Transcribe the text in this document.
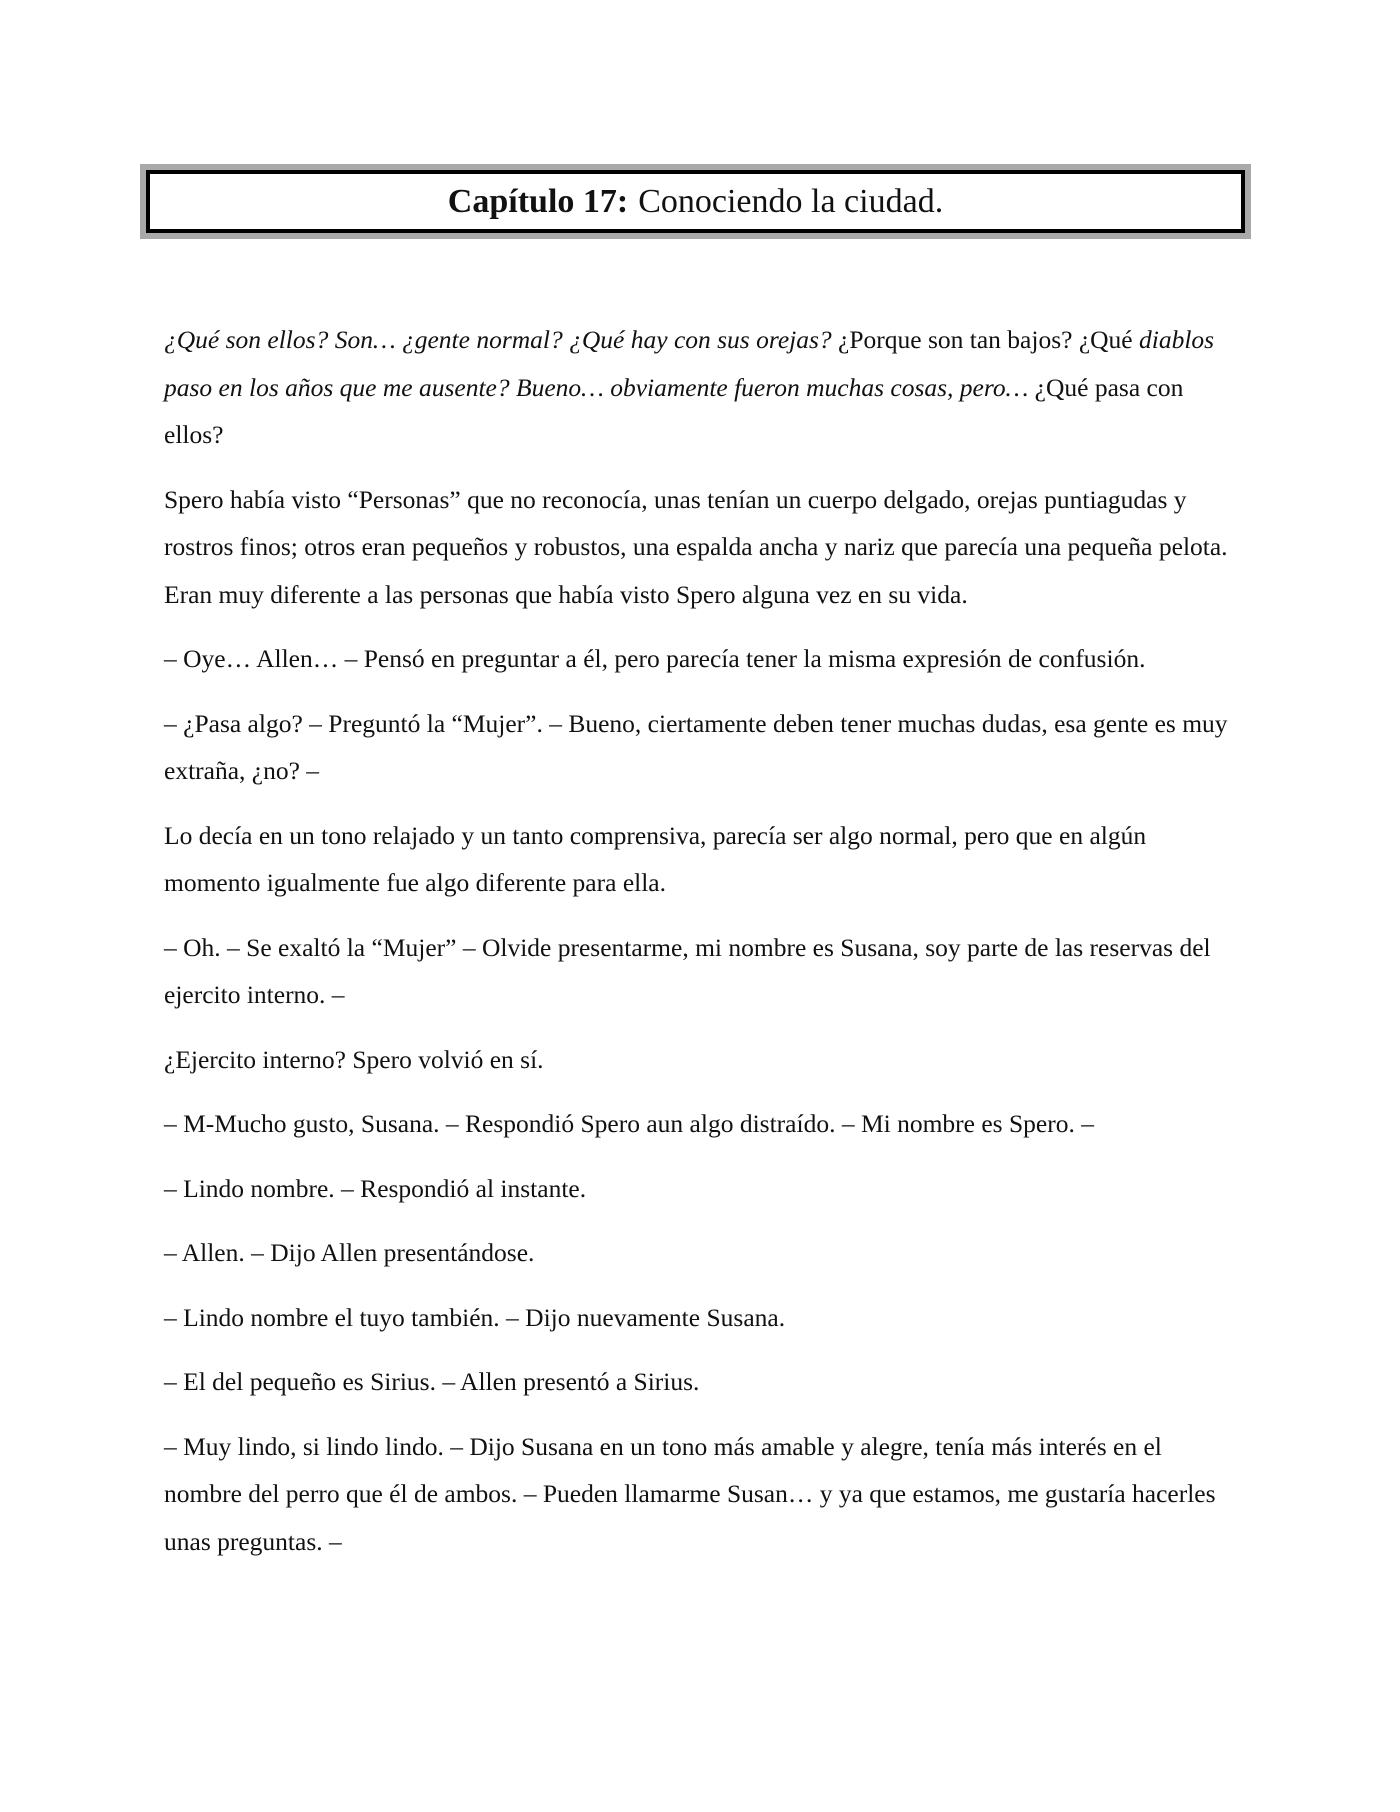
Capítulo 17: Conociendo la ciudad.

¿Qué son ellos? Son… ¿gente normal? ¿Qué hay con sus orejas? ¿Porque son tan bajos? ¿Qué diablos paso en los años que me ausente? Bueno… obviamente fueron muchas cosas, pero… ¿Qué pasa con ellos?

Spero había visto “Personas” que no reconocía, unas tenían un cuerpo delgado, orejas puntiagudas y rostros finos; otros eran pequeños y robustos, una espalda ancha y nariz que parecía una pequeña pelota. Eran muy diferente a las personas que había visto Spero alguna vez en su vida.

– Oye… Allen… – Pensó en preguntar a él, pero parecía tener la misma expresión de confusión.

– ¿Pasa algo? – Preguntó la “Mujer”. – Bueno, ciertamente deben tener muchas dudas, esa gente es muy extraña, ¿no? –

Lo decía en un tono relajado y un tanto comprensiva, parecía ser algo normal, pero que en algún momento igualmente fue algo diferente para ella.

– Oh. – Se exaltó la “Mujer” – Olvide presentarme, mi nombre es Susana, soy parte de las reservas del ejercito interno. –

¿Ejercito interno? Spero volvió en sí.

– M-Mucho gusto, Susana. – Respondió Spero aun algo distraído. – Mi nombre es Spero. –

– Lindo nombre. – Respondió al instante.

– Allen. – Dijo Allen presentándose.

– Lindo nombre el tuyo también. – Dijo nuevamente Susana.

– El del pequeño es Sirius. – Allen presentó a Sirius.

– Muy lindo, si lindo lindo. – Dijo Susana en un tono más amable y alegre, tenía más interés en el nombre del perro que él de ambos. – Pueden llamarme Susan… y ya que estamos, me gustaría hacerles unas preguntas. –
